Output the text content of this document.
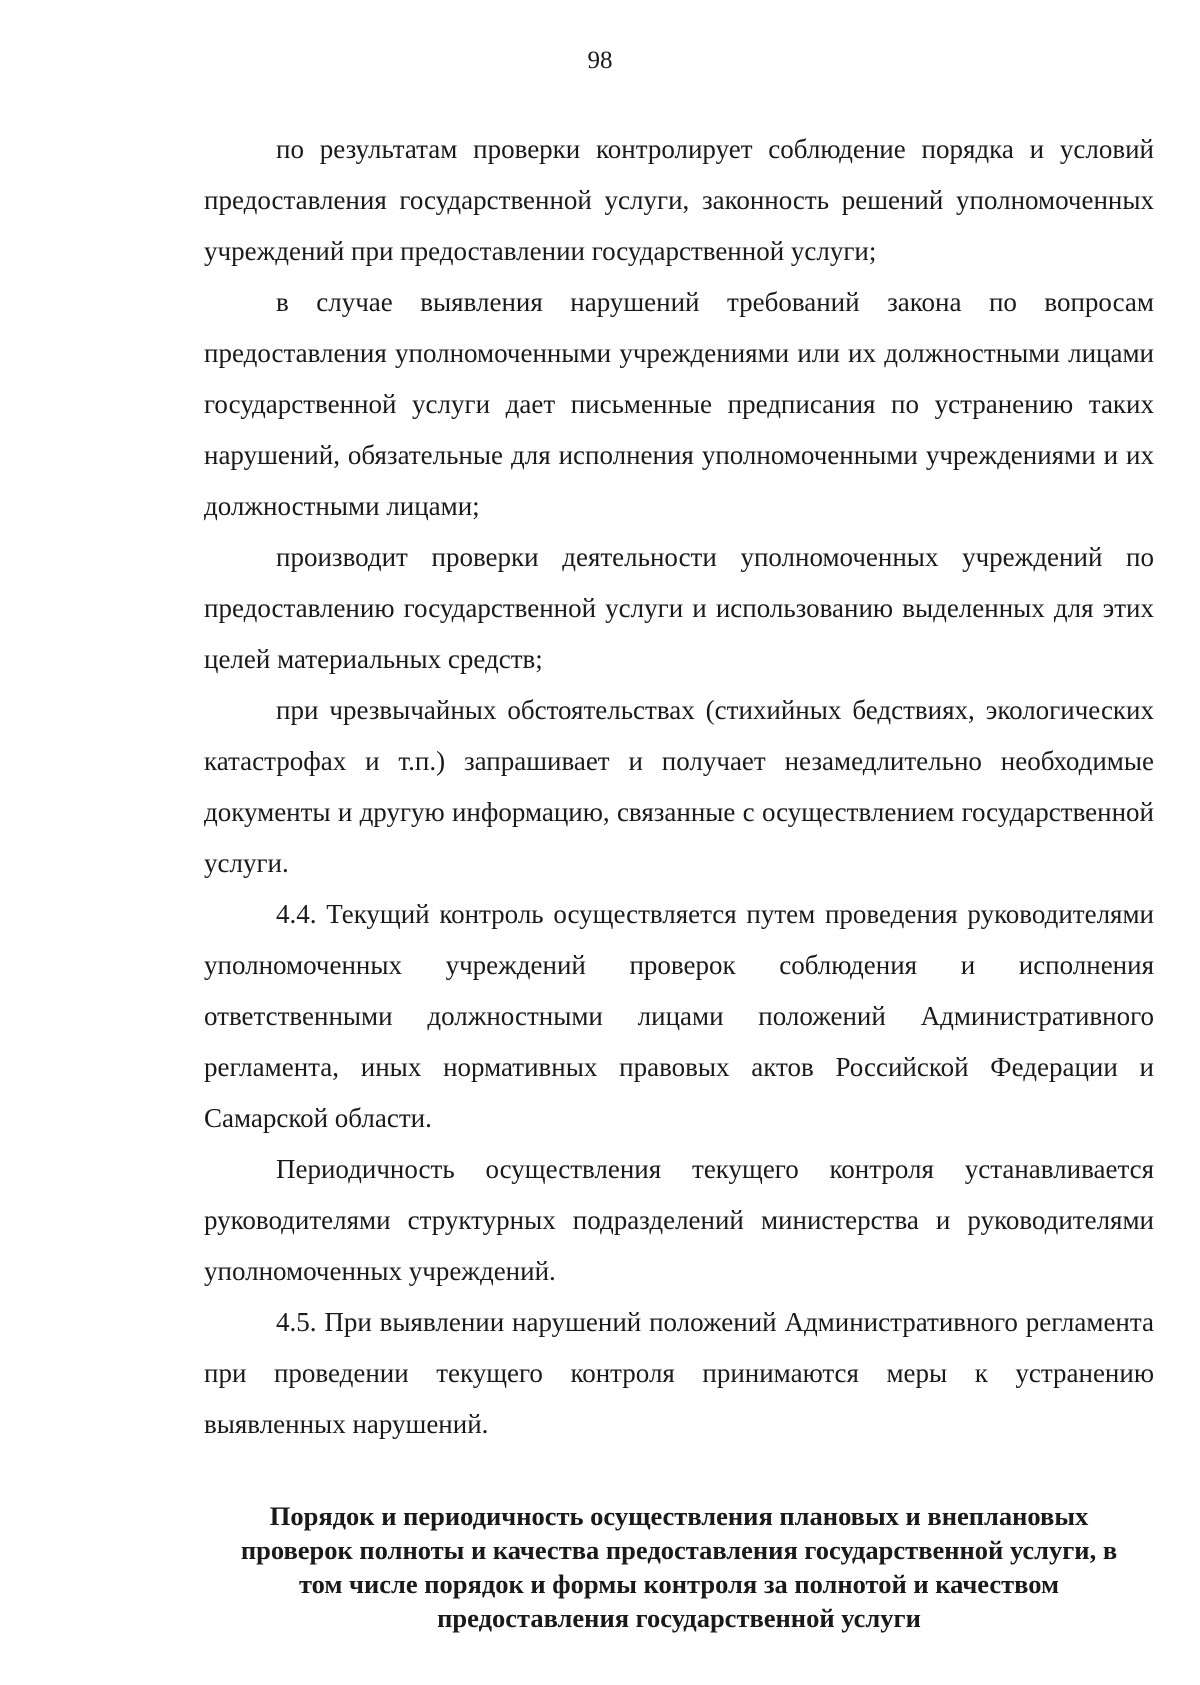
98

по результатам проверки контролирует соблюдение порядка и условий предоставления государственной услуги, законность решений уполномоченных учреждений при предоставлении государственной услуги;

в случае выявления нарушений требований закона по вопросам предоставления уполномоченными учреждениями или их должностными лицами государственной услуги дает письменные предписания по устранению таких нарушений, обязательные для исполнения уполномоченными учреждениями и их должностными лицами;

производит проверки деятельности уполномоченных учреждений по предоставлению государственной услуги и использованию выделенных для этих целей материальных средств;

при чрезвычайных обстоятельствах (стихийных бедствиях, экологических катастрофах и т.п.) запрашивает и получает незамедлительно необходимые документы и другую информацию, связанные с осуществлением государственной услуги.

4.4. Текущий контроль осуществляется путем проведения руководителями уполномоченных учреждений проверок соблюдения и исполнения ответственными должностными лицами положений Административного регламента, иных нормативных правовых актов Российской Федерации и Самарской области.

Периодичность осуществления текущего контроля устанавливается руководителями структурных подразделений министерства и руководителями уполномоченных учреждений.

4.5. При выявлении нарушений положений Административного регламента при проведении текущего контроля принимаются меры к устранению выявленных нарушений.

Порядок и периодичность осуществления плановых и внеплановых
проверок полноты и качества предоставления государственной услуги, в
том числе порядок и формы контроля за полнотой и качеством
предоставления государственной услуги
